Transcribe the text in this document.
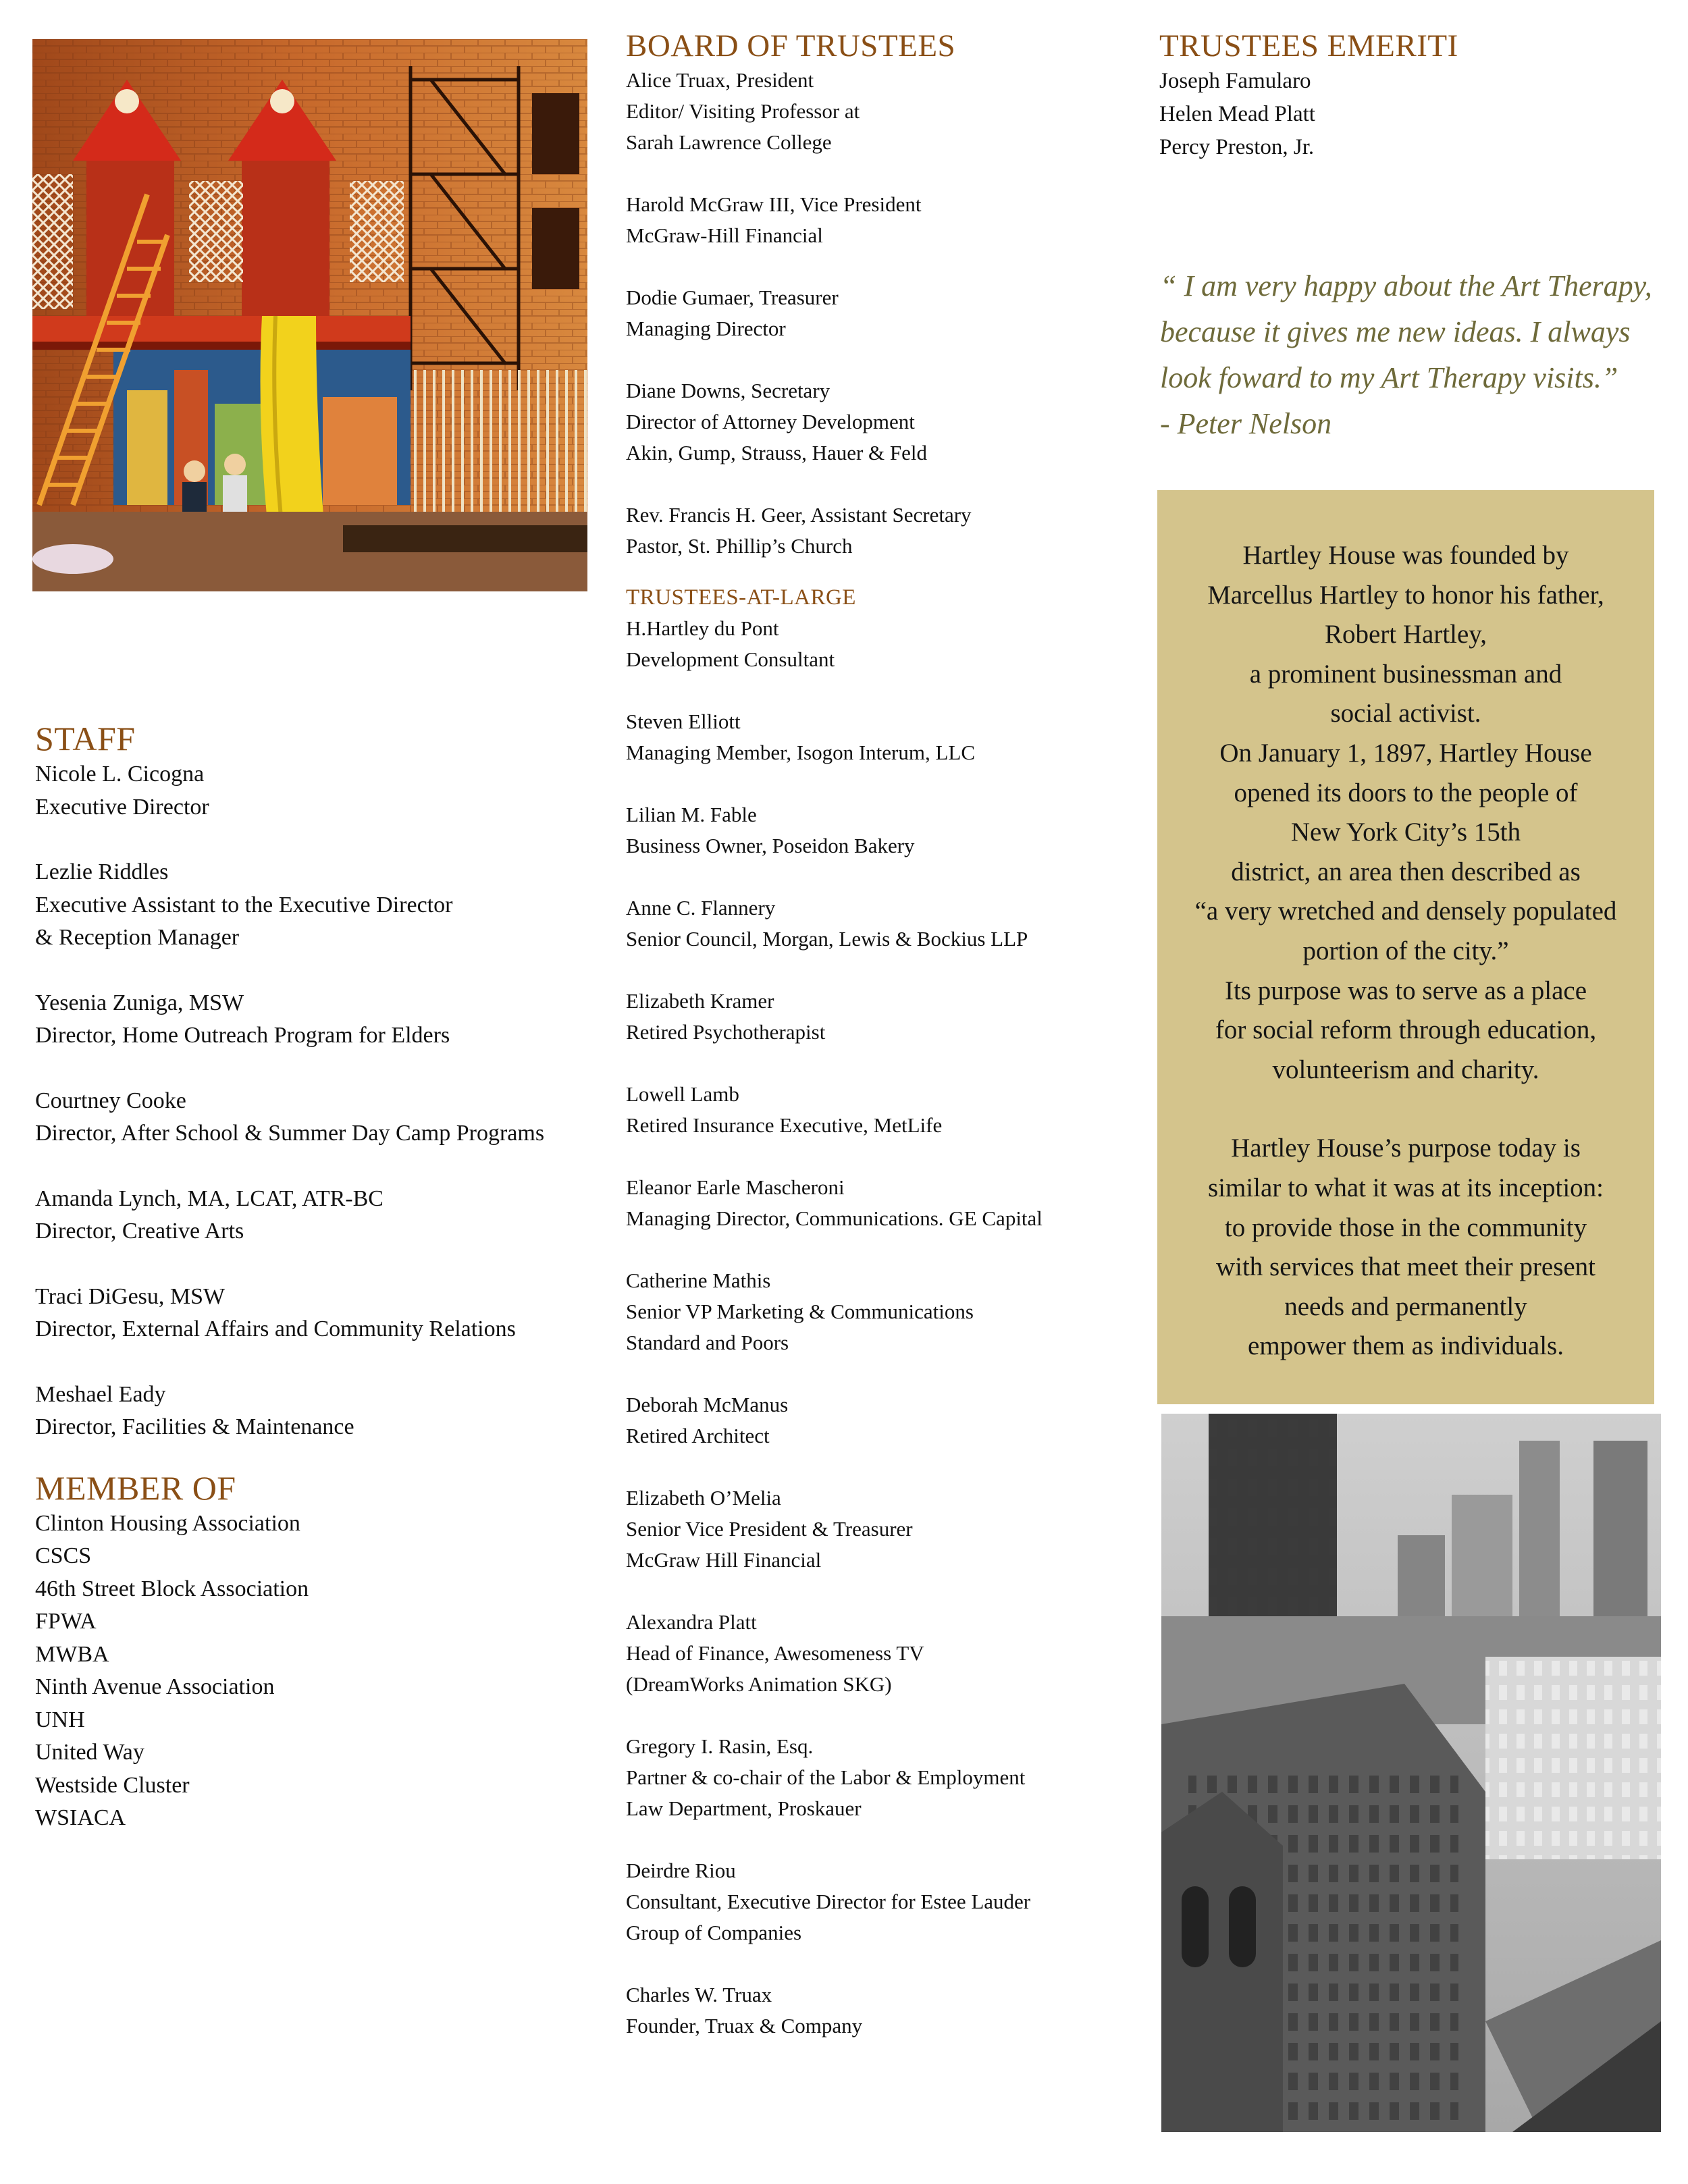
STAFF
Nicole L. Cicogna
Executive Director
Lezlie Riddles
Executive Assistant to the Executive Director
& Reception Manager
Yesenia Zuniga, MSW
Director, Home Outreach Program for Elders
Courtney Cooke
Director, After School & Summer Day Camp Programs
Amanda Lynch, MA, LCAT, ATR-BC
Director, Creative Arts
Traci DiGesu, MSW
Director, External Affairs and Community Relations
Meshael Eady
Director, Facilities & Maintenance
MEMBER OF
Clinton Housing Association
CSCS
46th Street Block Association
FPWA
MWBA
Ninth Avenue Association
UNH
United Way
Westside Cluster
WSIACA
BOARD OF TRUSTEES
Alice Truax, President
Editor/ Visiting Professor at
Sarah Lawrence College
Harold McGraw III, Vice President
McGraw-Hill Financial
Dodie Gumaer, Treasurer
Managing Director
Diane Downs, Secretary
Director of Attorney Development
Akin, Gump, Strauss, Hauer & Feld
Rev. Francis H. Geer, Assistant Secretary
Pastor, St. Phillip’s Church
TRUSTEES-AT-LARGE
H.Hartley du Pont
Development Consultant
Steven Elliott
Managing Member, Isogon Interum, LLC
Lilian M. Fable
Business Owner, Poseidon Bakery
Anne C. Flannery
Senior Council, Morgan, Lewis & Bockius LLP
Elizabeth Kramer
Retired Psychotherapist
Lowell Lamb
Retired Insurance Executive, MetLife
Eleanor Earle Mascheroni
Managing Director, Communications. GE Capital
Catherine Mathis
Senior VP Marketing & Communications
Standard and Poors
Deborah McManus
Retired Architect
Elizabeth O’Melia
Senior Vice President & Treasurer
McGraw Hill Financial
Alexandra Platt
Head of Finance, Awesomeness TV
(DreamWorks Animation SKG)
Gregory I. Rasin, Esq.
Partner & co-chair of the Labor & Employment
Law Department, Proskauer
Deirdre Riou
Consultant, Executive Director for Estee Lauder
Group of Companies
Charles W. Truax
Founder, Truax & Company
TRUSTEES EMERITI
Joseph Famularo
Helen Mead Platt
Percy Preston, Jr.
“ I am very happy about the Art Therapy,
because it gives me new ideas. I always
look foward to my Art Therapy visits.”
- Peter Nelson
Hartley House was founded by
Marcellus Hartley to honor his father,
Robert Hartley,
a prominent businessman and
social activist.
On January 1, 1897, Hartley House
opened its doors to the people of
New York City’s 15th
district, an area then described as
“a very wretched and densely populated
portion of the city.”
Its purpose was to serve as a place
for social reform through education,
volunteerism and charity.
Hartley House’s purpose today is
similar to what it was at its inception:
to provide those in the community
with services that meet their present
needs and permanently
empower them as individuals.
